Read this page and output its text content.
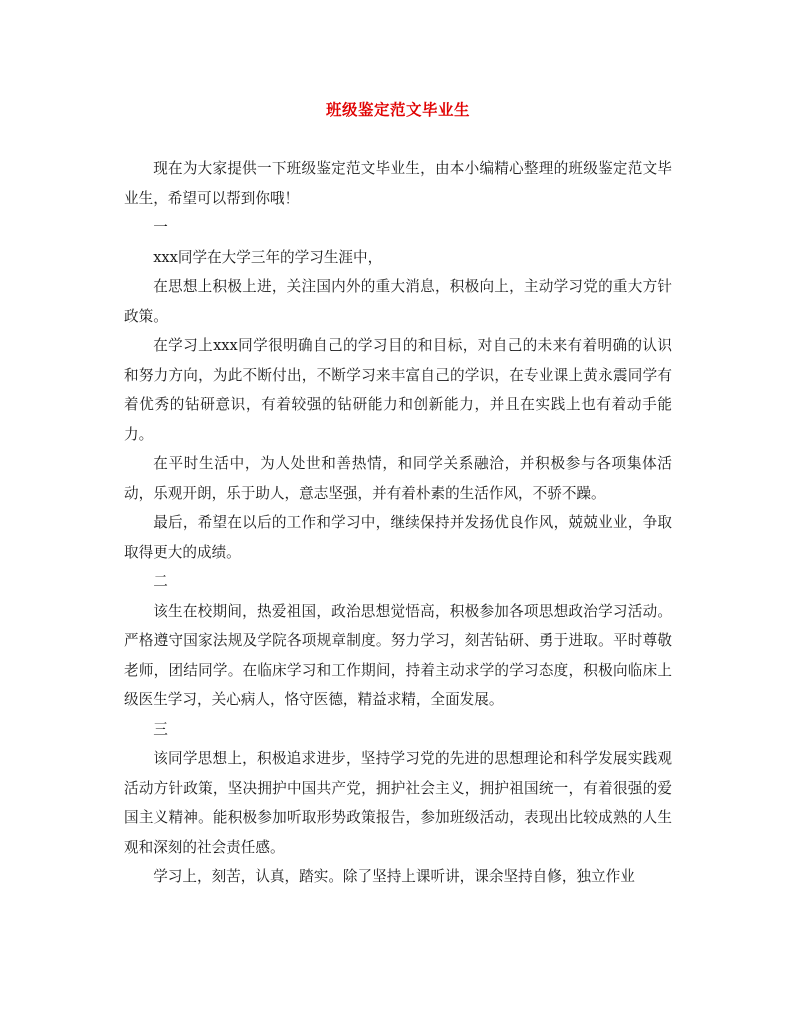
班级鉴定范文毕业生

现在为大家提供一下班级鉴定范文毕业生，由本小编精心整理的班级鉴定范文毕业生，希望可以帮到你哦！

一

xxx同学在大学三年的学习生涯中，

在思想上积极上进，关注国内外的重大消息，积极向上，主动学习党的重大方针政策。

在学习上xxx同学很明确自己的学习目的和目标，对自己的未来有着明确的认识和努力方向，为此不断付出，不断学习来丰富自己的学识，在专业课上黄永震同学有着优秀的钻研意识，有着较强的钻研能力和创新能力，并且在实践上也有着动手能力。

在平时生活中，为人处世和善热情，和同学关系融洽，并积极参与各项集体活动，乐观开朗，乐于助人，意志坚强，并有着朴素的生活作风，不骄不躁。

最后，希望在以后的工作和学习中，继续保持并发扬优良作风，兢兢业业，争取取得更大的成绩。

二

该生在校期间，热爱祖国，政治思想觉悟高，积极参加各项思想政治学习活动。严格遵守国家法规及学院各项规章制度。努力学习，刻苦钻研、勇于进取。平时尊敬老师，团结同学。在临床学习和工作期间，持着主动求学的学习态度，积极向临床上级医生学习，关心病人，恪守医德，精益求精，全面发展。

三

该同学思想上，积极追求进步，坚持学习党的先进的思想理论和科学发展实践观活动方针政策，坚决拥护中国共产党，拥护社会主义，拥护祖国统一，有着很强的爱国主义精神。能积极参加听取形势政策报告，参加班级活动，表现出比较成熟的人生观和深刻的社会责任感。

学习上，刻苦，认真，踏实。除了坚持上课听讲，课余坚持自修，独立作业
